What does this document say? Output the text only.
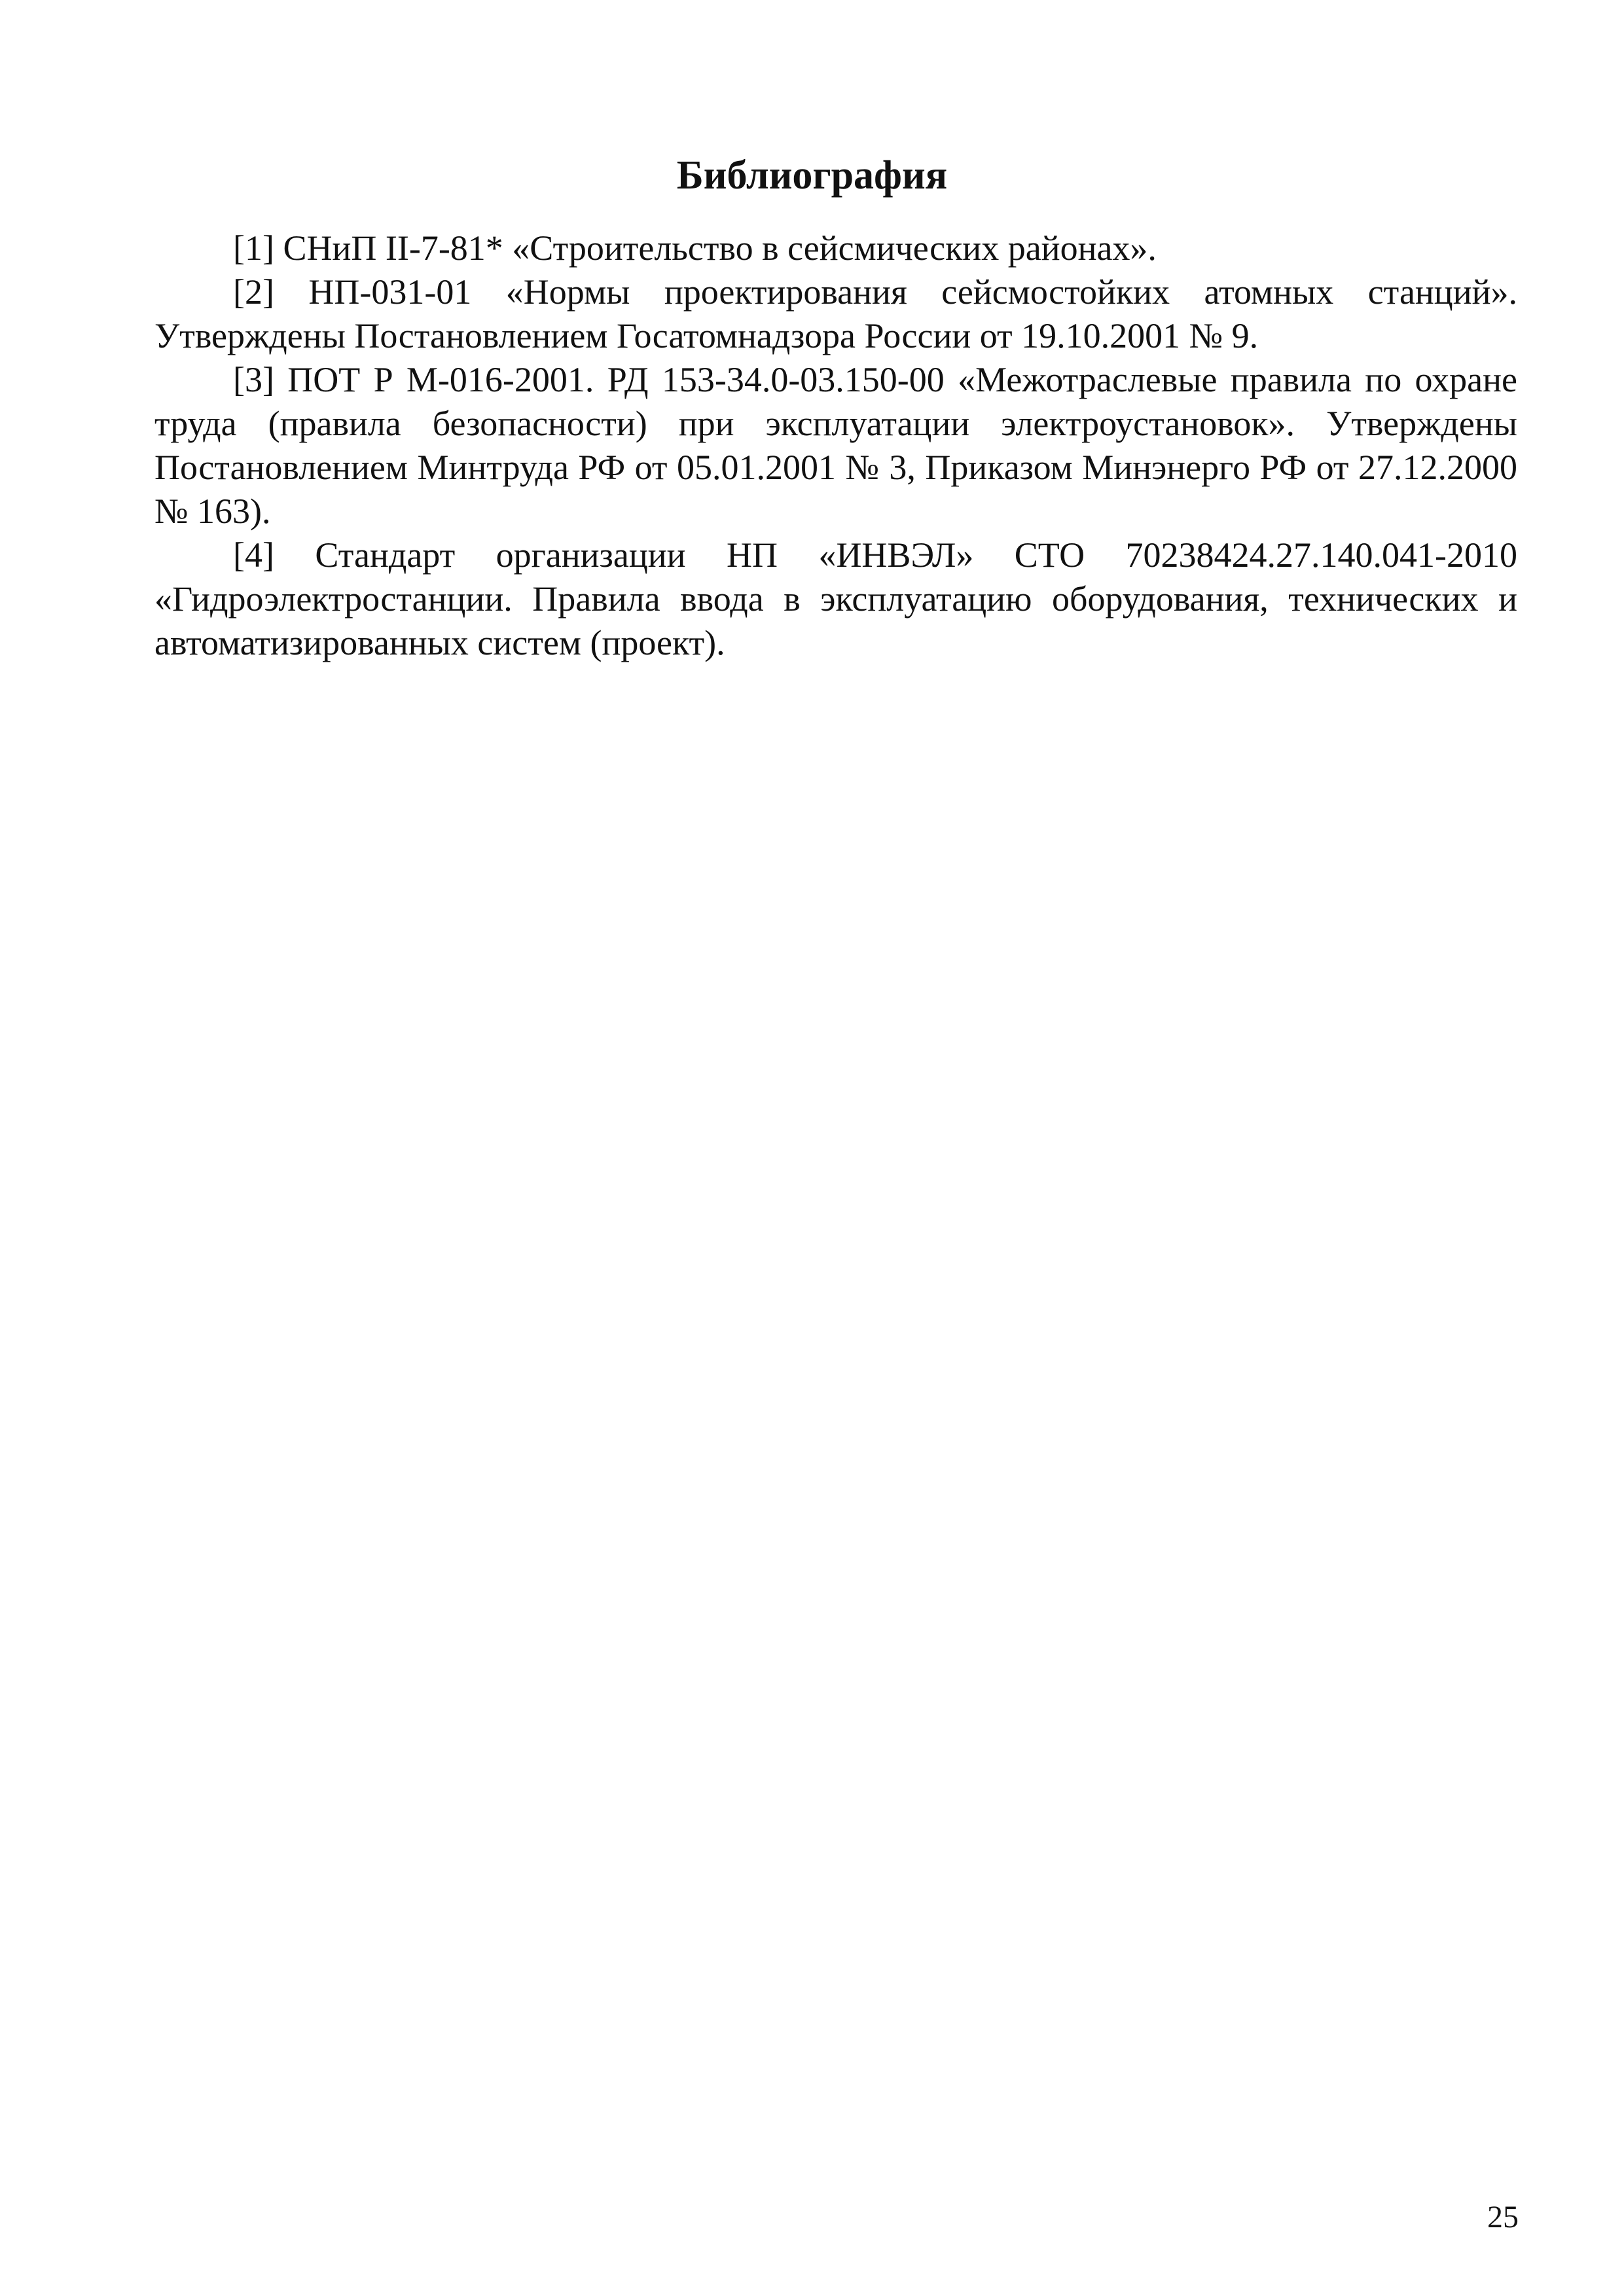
Библиография
[1] СНиП II-7-81* «Строительство в сейсмических районах».
[2] НП-031-01 «Нормы проектирования сейсмостойких атомных станций». Утверждены Постановлением Госатомнадзора России от 19.10.2001 № 9.
[3] ПОТ Р М-016-2001. РД 153-34.0-03.150-00 «Межотраслевые правила по охране труда (правила безопасности) при эксплуатации электроустановок». Утверждены Постановлением Минтруда РФ от 05.01.2001 № 3, Приказом Минэнерго РФ от 27.12.2000 № 163).
[4] Стандарт организации НП «ИНВЭЛ» СТО 70238424.27.140.041-2010 «Гидроэлектростанции. Правила ввода в эксплуатацию оборудования, технических и автоматизированных систем (проект).
25
